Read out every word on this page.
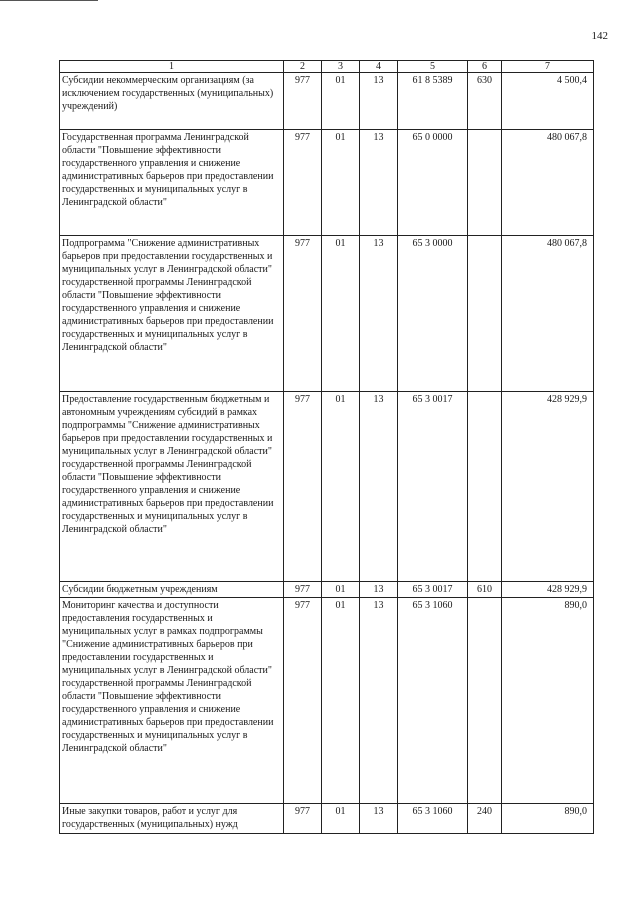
142
1	2	3	4	5	6	7
Субсидии некоммерческим организациям (за исключением государственных (муниципальных) учреждений)	977	01	13	61 8 5389	630	4 500,4
Государственная программа Ленинградской области "Повышение эффективности государственного управления и снижение административных барьеров при предоставлении государственных и муниципальных услуг в Ленинградской области"	977	01	13	65 0 0000		480 067,8
Подпрограмма "Снижение административных барьеров при предоставлении государственных и муниципальных услуг в Ленинградской области" государственной программы Ленинградской области "Повышение эффективности государственного управления и снижение административных барьеров при предоставлении государственных и муниципальных услуг в Ленинградской области"	977	01	13	65 3 0000		480 067,8
Предоставление государственным бюджетным и автономным учреждениям субсидий в рамках подпрограммы "Снижение административных барьеров при предоставлении государственных и муниципальных услуг в Ленинградской области" государственной программы Ленинградской области "Повышение эффективности государственного управления и снижение административных барьеров при предоставлении государственных и муниципальных услуг в Ленинградской области"	977	01	13	65 3 0017		428 929,9
Субсидии бюджетным учреждениям	977	01	13	65 3 0017	610	428 929,9
Мониторинг качества и доступности предоставления государственных и муниципальных услуг в рамках подпрограммы "Снижение административных барьеров при предоставлении государственных и муниципальных услуг в Ленинградской области" государственной программы Ленинградской области "Повышение эффективности государственного управления и снижение административных барьеров при предоставлении государственных и муниципальных услуг в Ленинградской области"	977	01	13	65 3 1060		890,0
Иные закупки товаров, работ и услуг для государственных (муниципальных) нужд	977	01	13	65 3 1060	240	890,0
